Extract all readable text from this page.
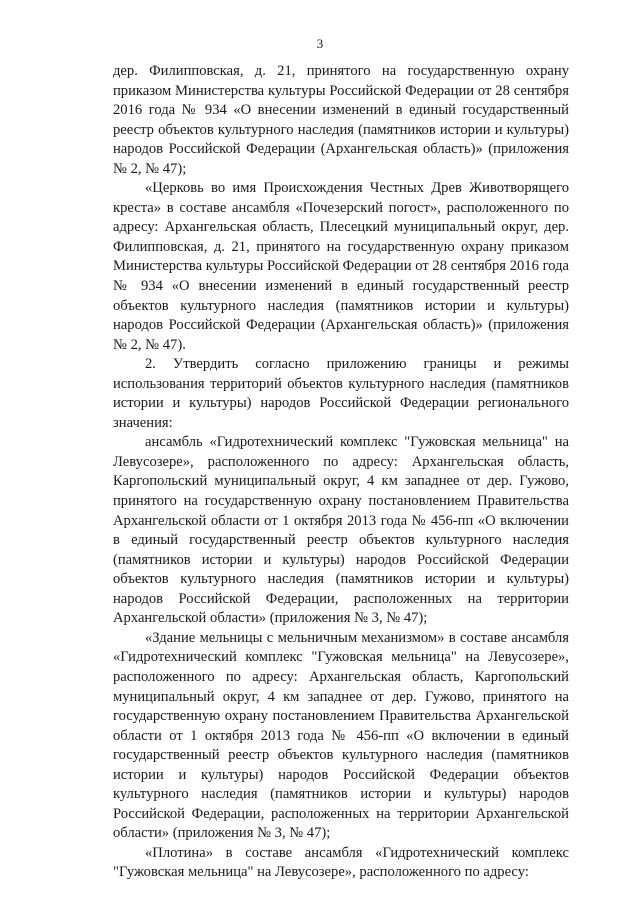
3

дер. Филипповская, д. 21, принятого на государственную охрану приказом Министерства культуры Российской Федерации от 28 сентября 2016 года № 934 «О внесении изменений в единый государственный реестр объектов культурного наследия (памятников истории и культуры) народов Российской Федерации (Архангельская область)» (приложения № 2, № 47);

«Церковь во имя Происхождения Честных Древ Животворящего креста» в составе ансамбля «Почезерский погост», расположенного по адресу: Архангельская область, Плесецкий муниципальный округ, дер. Филипповская, д. 21, принятого на государственную охрану приказом Министерства культуры Российской Федерации от 28 сентября 2016 года № 934 «О внесении изменений в единый государственный реестр объектов культурного наследия (памятников истории и культуры) народов Российской Федерации (Архангельская область)» (приложения № 2, № 47).

2. Утвердить согласно приложению границы и режимы использования территорий объектов культурного наследия (памятников истории и культуры) народов Российской Федерации регионального значения:

ансамбль «Гидротехнический комплекс "Гужовская мельница" на Левусозере», расположенного по адресу: Архангельская область, Каргопольский муниципальный округ, 4 км западнее от дер. Гужово, принятого на государственную охрану постановлением Правительства Архангельской области от 1 октября 2013 года № 456-пп «О включении в единый государственный реестр объектов культурного наследия (памятников истории и культуры) народов Российской Федерации объектов культурного наследия (памятников истории и культуры) народов Российской Федерации, расположенных на территории Архангельской области» (приложения № 3, № 47);

«Здание мельницы с мельничным механизмом» в составе ансамбля «Гидротехнический комплекс "Гужовская мельница" на Левусозере», расположенного по адресу: Архангельская область, Каргопольский муниципальный округ, 4 км западнее от дер. Гужово, принятого на государственную охрану постановлением Правительства Архангельской области от 1 октября 2013 года № 456-пп «О включении в единый государственный реестр объектов культурного наследия (памятников истории и культуры) народов Российской Федерации объектов культурного наследия (памятников истории и культуры) народов Российской Федерации, расположенных на территории Архангельской области» (приложения № 3, № 47);

«Плотина» в составе ансамбля «Гидротехнический комплекс "Гужовская мельница" на Левусозере», расположенного по адресу:
